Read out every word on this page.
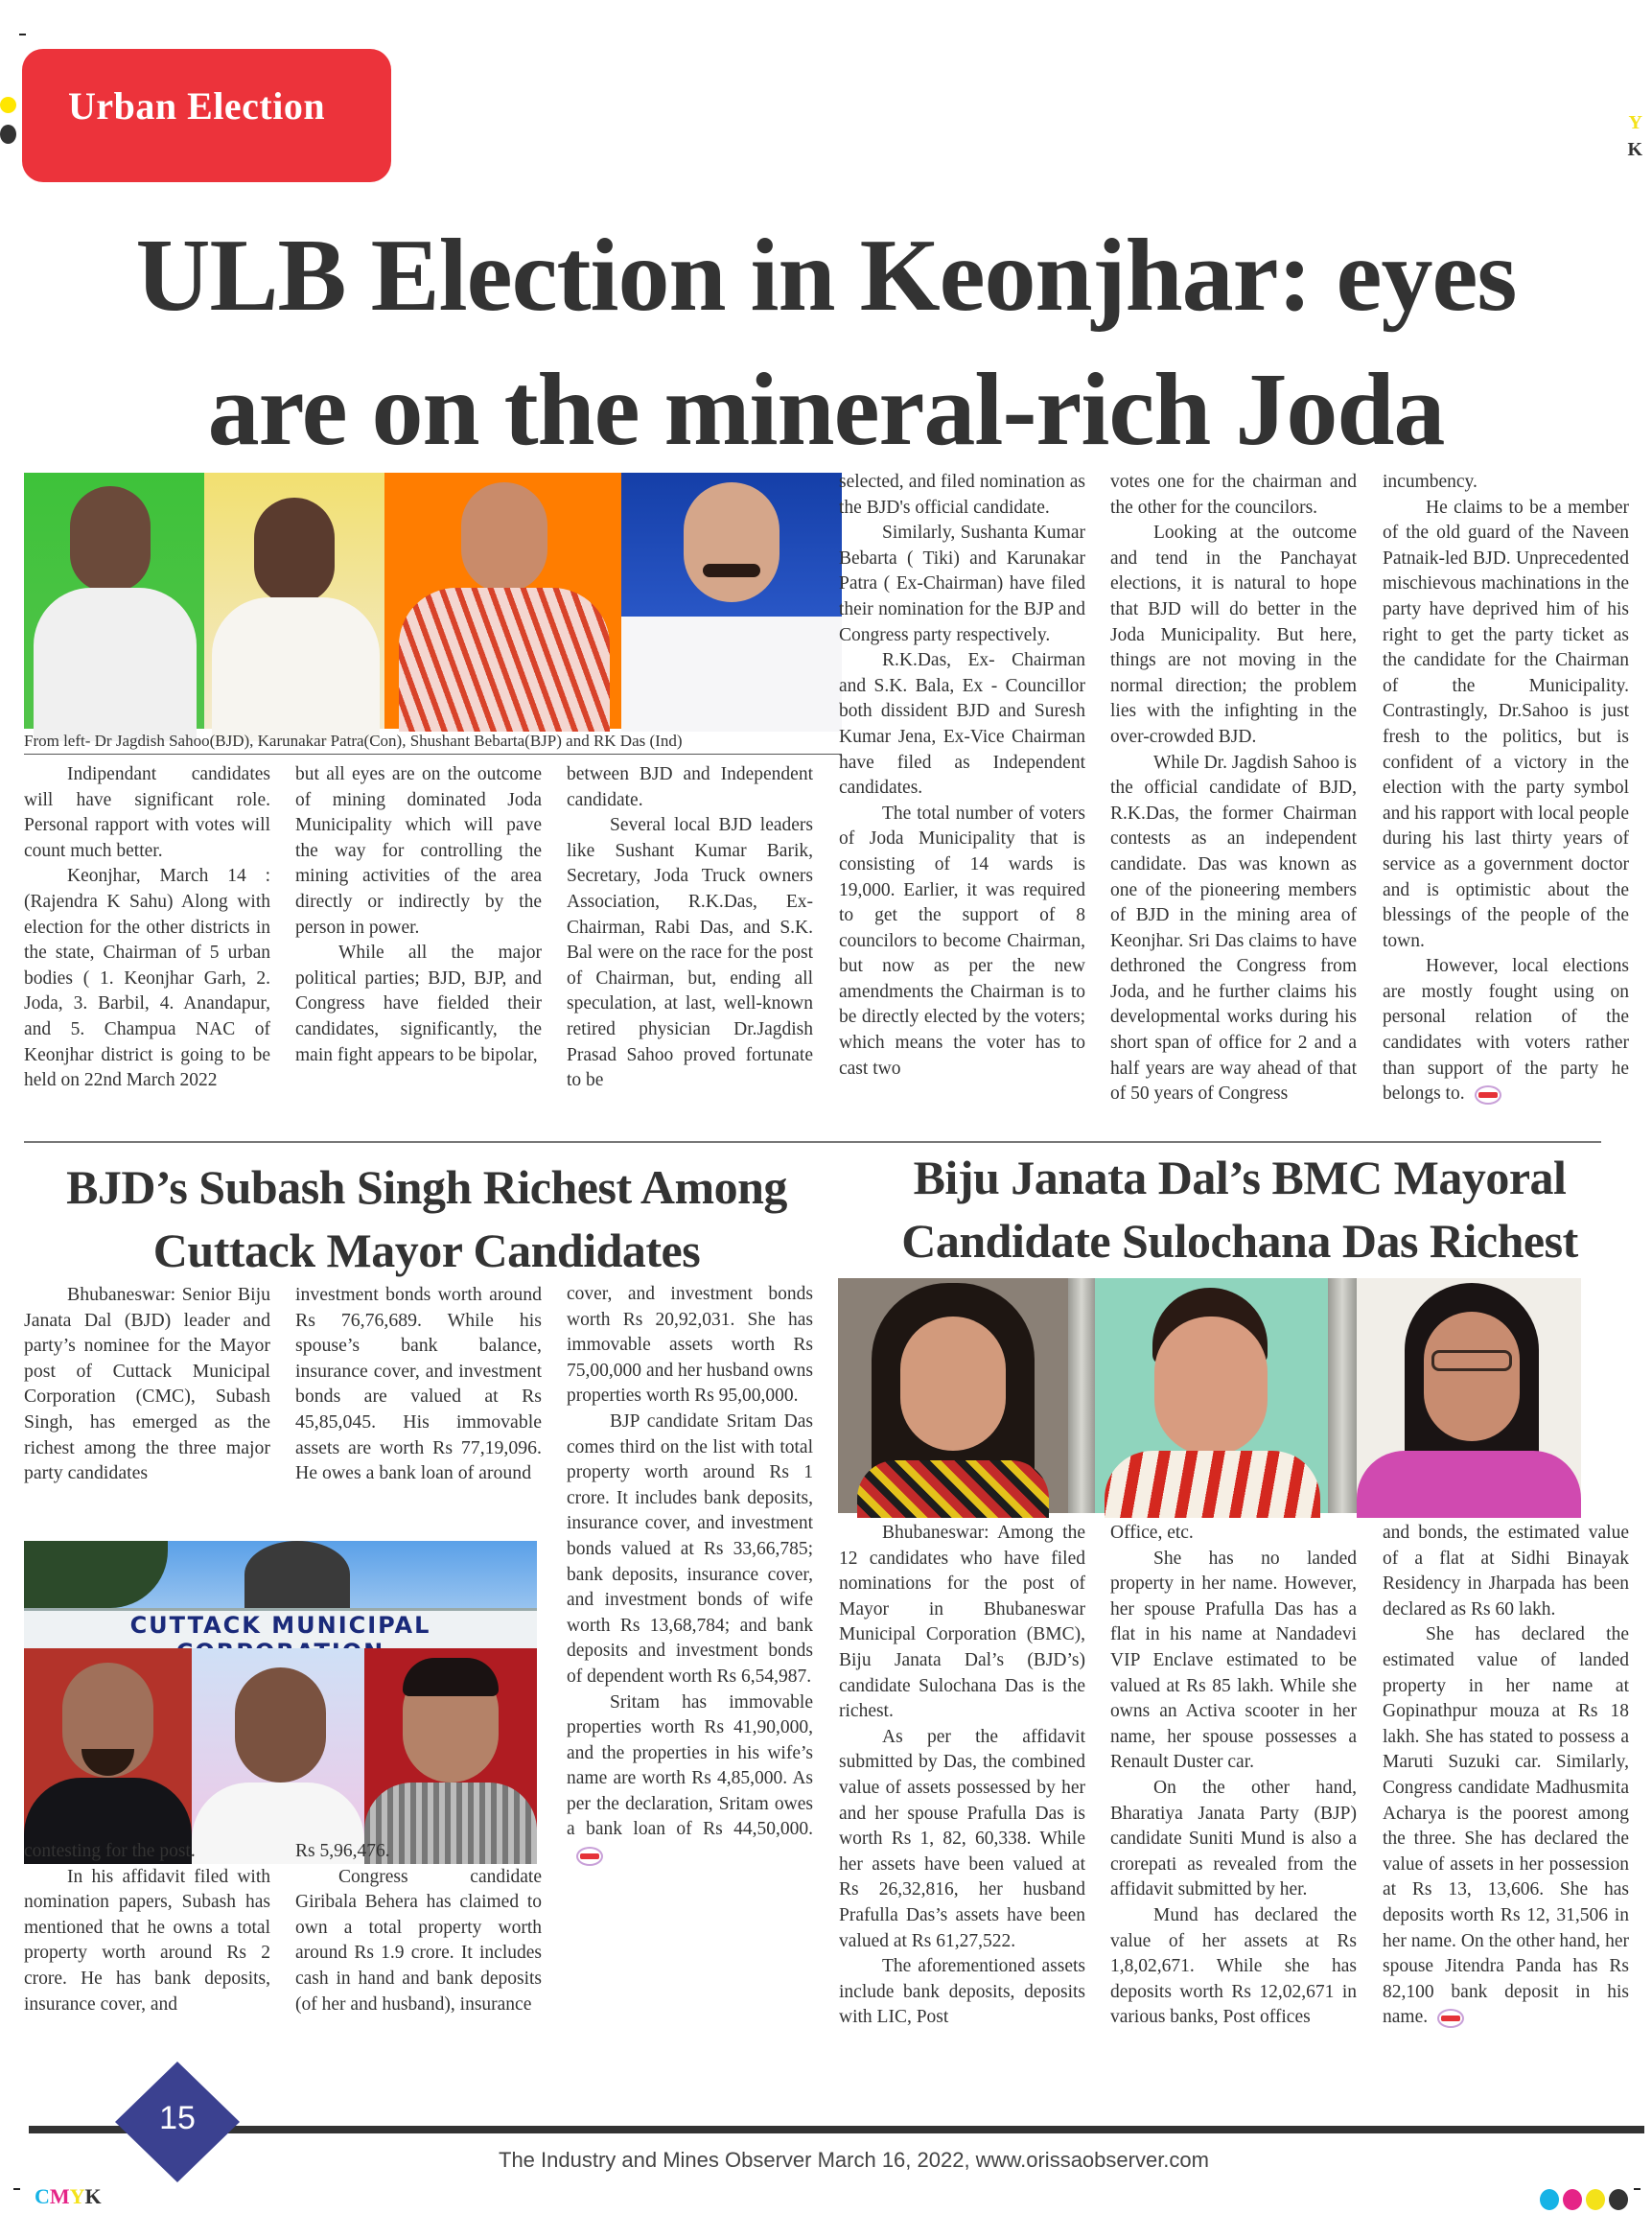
Y
K
Urban Election
ULB Election in Keonjhar: eyes
are on the mineral-rich Joda
From left- Dr Jagdish Sahoo(BJD), Karunakar Patra(Con), Shushant Bebarta(BJP) and RK Das (Ind)

Indipendant candidates will have significant role. Personal rapport with votes will count much better.

Keonjhar, March 14 :(Rajendra K Sahu) Along with election for the other districts in the state, Chairman of 5 urban bodies ( 1. Keonjhar Garh, 2. Joda, 3. Barbil, 4. Anandapur, and 5. Champua NAC of Keonjhar district is going to be held on 22nd March 2022

but all eyes are on the outcome of mining dominated Joda Municipality which will pave the way for controlling the mining activities of the area directly or indirectly by the person in power.

While all the major political parties; BJD, BJP, and Congress have fielded their candidates, significantly, the main fight appears to be bipolar,

between BJD and Independent candidate.

Several local BJD leaders like Sushant Kumar Barik, Secretary, Joda Truck owners Association, R.K.Das, Ex-Chairman, Rabi Das, and S.K. Bal were on the race for the post of Chairman, but, ending all speculation, at last, well-known retired physician Dr.Jagdish Prasad Sahoo proved fortunate to be

selected, and filed nomination as the BJD's official candidate.

Similarly, Sushanta Kumar Bebarta ( Tiki) and Karunakar Patra ( Ex-Chairman) have filed their nomination for the BJP and Congress party respectively.

R.K.Das, Ex- Chairman and S.K. Bala, Ex - Councillor both dissident BJD and Suresh Kumar Jena, Ex-Vice Chairman have filed as Independent candidates.

The total number of voters of Joda Municipality that is consisting of 14 wards is 19,000. Earlier, it was required to get the support of 8 councilors to become Chairman, but now as per the new amendments the Chairman is to be directly elected by the voters; which means the voter has to cast two

votes one for the chairman and the other for the councilors.

Looking at the outcome and tend in the Panchayat elections, it is natural to hope that BJD will do better in the Joda Municipality. But here, things are not moving in the normal direction; the problem lies with the infighting in the over-crowded BJD.

While Dr. Jagdish Sahoo is the official candidate of BJD, R.K.Das, the former Chairman contests as an independent candidate. Das was known as one of the pioneering members of BJD in the mining area of Keonjhar. Sri Das claims to have dethroned the Congress from Joda, and he further claims his developmental works during his short span of office for 2 and a half years are way ahead of that of 50 years of Congress

incumbency.

He claims to be a member of the old guard of the Naveen Patnaik-led BJD. Unprecedented mischievous machinations in the party have deprived him of his right to get the party ticket as the candidate for the Chairman of the Municipality. Contrastingly, Dr.Sahoo is just fresh to the politics, but is confident of a victory in the election with the party symbol and his rapport with local people during his last thirty years of service as a government doctor and is optimistic about the blessings of the people of the town.

However, local elections are mostly fought using on personal relation of the candidates with voters rather than support of the party he belongs to.

BJD’s Subash Singh Richest Among
Cuttack Mayor Candidates

Bhubaneswar: Senior Biju Janata Dal (BJD) leader and party’s nominee for the Mayor post of Cuttack Municipal Corporation (CMC), Subash Singh, has emerged as the richest among the three major party candidates

investment bonds worth around Rs 76,76,689. While his spouse’s bank balance, insurance cover, and investment bonds are valued at Rs 45,85,045. His immovable assets are worth Rs 77,19,096. He owes a bank loan of around

cover, and investment bonds worth Rs 20,92,031. She has immovable assets worth Rs 75,00,000 and her husband owns properties worth Rs 95,00,000.

BJP candidate Sritam Das comes third on the list with total property worth around Rs 1 crore. It includes bank deposits, insurance cover, and investment bonds valued at Rs 33,66,785; bank deposits, insurance cover, and investment bonds of wife worth Rs 13,68,784; and bank deposits and investment bonds of dependent worth Rs 6,54,987.

Sritam has immovable properties worth Rs 41,90,000, and the properties in his wife’s name are worth Rs 4,85,000. As per the declaration, Sritam owes a bank loan of Rs 44,50,000.

CUTTACK MUNICIPAL

contesting for the post.

In his affidavit filed with nomination papers, Subash has mentioned that he owns a total property worth around Rs 2 crore. He has bank deposits, insurance cover, and

Rs 5,96,476.

Congress candidate Giribala Behera has claimed to own a total property worth around Rs 1.9 crore. It includes cash in hand and bank deposits (of her and husband), insurance

Biju Janata Dal’s BMC Mayoral
Candidate Sulochana Das Richest

Bhubaneswar: Among the 12 candidates who have filed nominations for the post of Mayor in Bhubaneswar Municipal Corporation (BMC), Biju Janata Dal’s (BJD’s) candidate Sulochana Das is the richest.

As per the affidavit submitted by Das, the combined value of assets possessed by her and her spouse Prafulla Das is worth Rs 1, 82, 60,338. While her assets have been valued at Rs 26,32,816, her husband Prafulla Das’s assets have been valued at Rs 61,27,522.

The aforementioned assets include bank deposits, deposits with LIC, Post

Office, etc.

She has no landed property in her name. However, her spouse Prafulla Das has a flat in his name at Nandadevi VIP Enclave estimated to be valued at Rs 85 lakh. While she owns an Activa scooter in her name, her spouse possesses a Renault Duster car.

On the other hand, Bharatiya Janata Party (BJP) candidate Suniti Mund is also a crorepati as revealed from the affidavit submitted by her.

Mund has declared the value of her assets at Rs 1,8,02,671. While she has deposits worth Rs 12,02,671 in various banks, Post offices

and bonds, the estimated value of a flat at Sidhi Binayak Residency in Jharpada has been declared as Rs 60 lakh.

She has declared the estimated value of landed property in her name at Gopinathpur mouza at Rs 18 lakh. She has stated to possess a Maruti Suzuki car. Similarly, Congress candidate Madhusmita Acharya is the poorest among the three. She has declared the value of assets in her possession at Rs 13, 13,606. She has deposits worth Rs 12, 31,506 in her name. On the other hand, her spouse Jitendra Panda has Rs 82,100 bank deposit in his name.

15
The Industry and Mines Observer March 16, 2022, www.orissaobserver.com
CMYK
